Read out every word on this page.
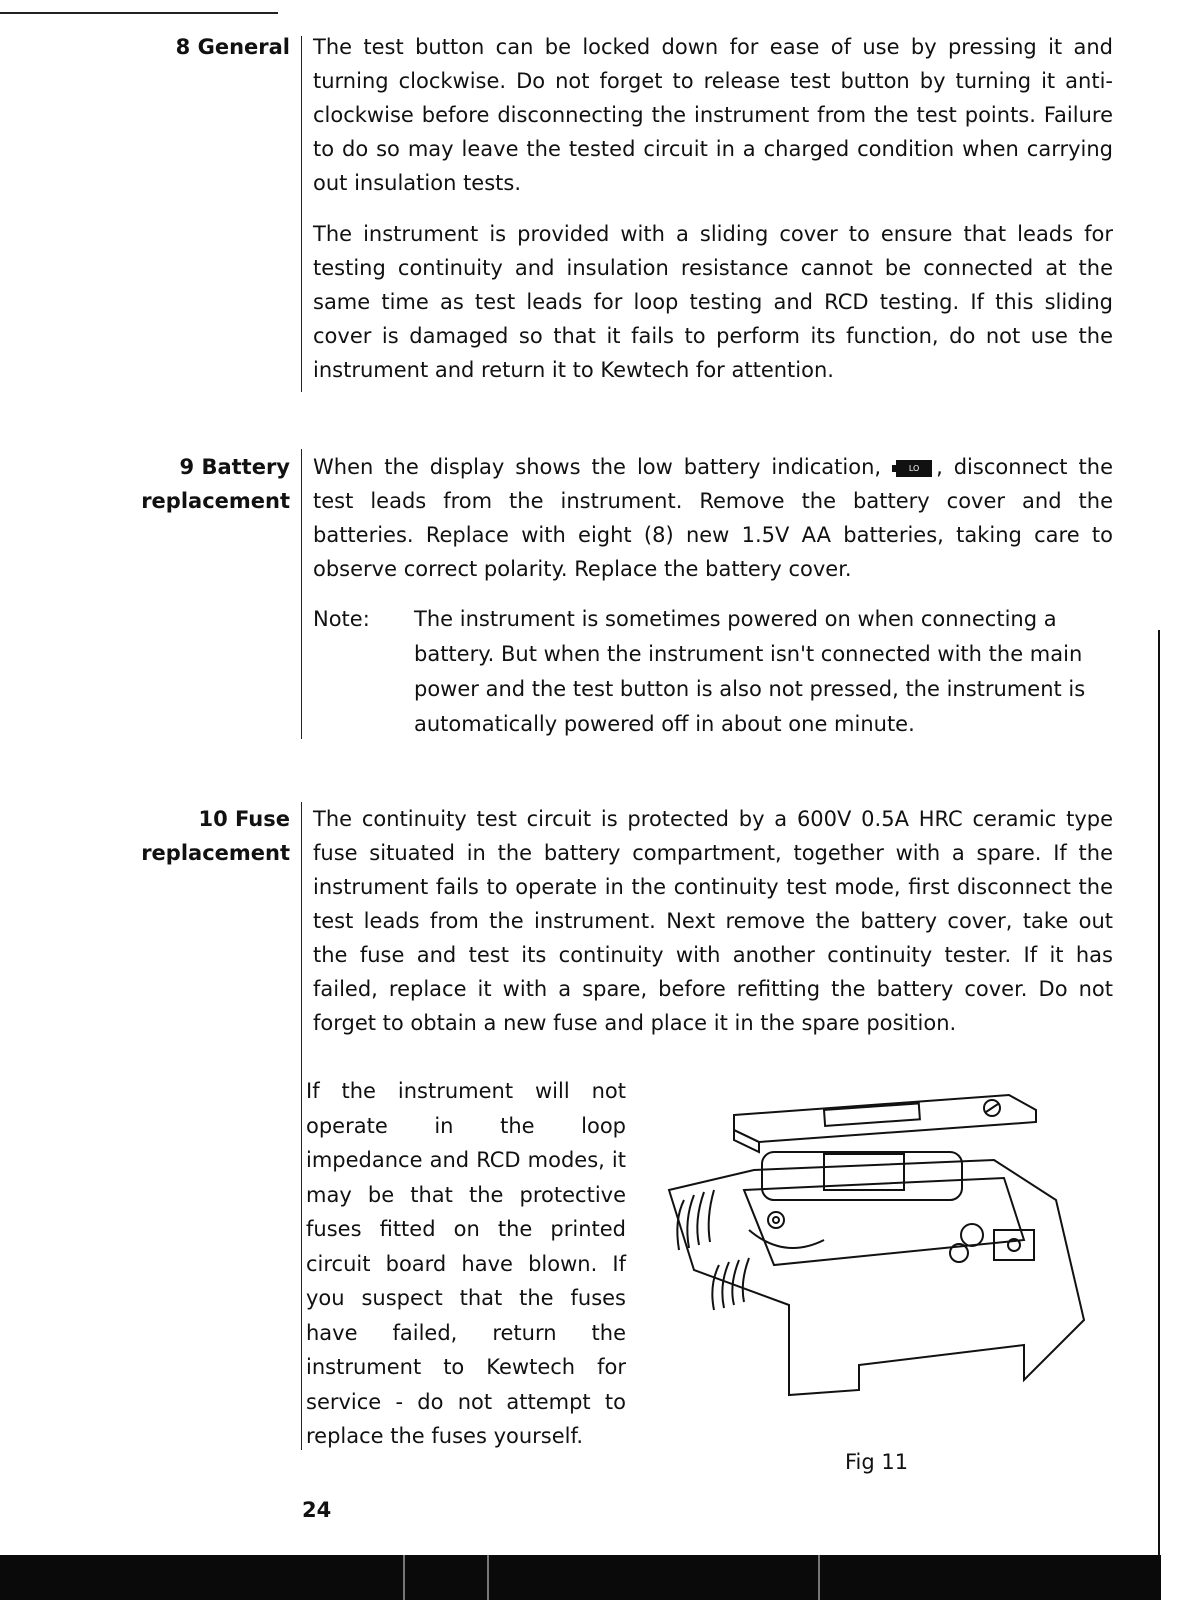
8 General The test button can be locked down for ease of use by pressing it and turning clockwise. Do not forget to release test button by turning it anti-clockwise before disconnecting the instrument from the test points. Failure to do so may leave the tested circuit in a charged condition when carrying out insulation tests.
The instrument is provided with a sliding cover to ensure that leads for testing continuity and insulation resistance cannot be connected at the same time as test leads for loop testing and RCD testing. If this sliding cover is damaged so that it fails to perform its function, do not use the instrument and return it to Kewtech for attention.
9 Battery
replacement
When the display shows the low battery indication,	LO , disconnect the test leads from the instrument. Remove the battery cover and the batteries. Replace with eight (8) new 1.5V AA batteries, taking care to observe correct polarity. Replace the battery cover.
Note: The instrument is sometimes powered on when connecting a battery. But when the instrument isn't connected with the main power and the test button is also not pressed, the instrument is automatically powered off in about one minute.
10 Fuse
replacement
The continuity test circuit is protected by a 600V 0.5A HRC ceramic type fuse situated in the battery compartment, together with a spare. If the instrument fails to operate in the continuity test mode, first disconnect the test leads from the instrument. Next remove the battery cover, take out the fuse and test its continuity with another continuity tester. If it has failed, replace it with a spare, before refitting the battery cover. Do not forget to obtain a new fuse and place it in the spare position.
If the instrument will not operate in the loop impedance and RCD modes, it may be that the protective fuses fitted on the printed circuit board have blown. If you suspect that the fuses have failed, return the instrument to Kewtech for service - do not attempt to replace the fuses yourself.
Fig 11
24
